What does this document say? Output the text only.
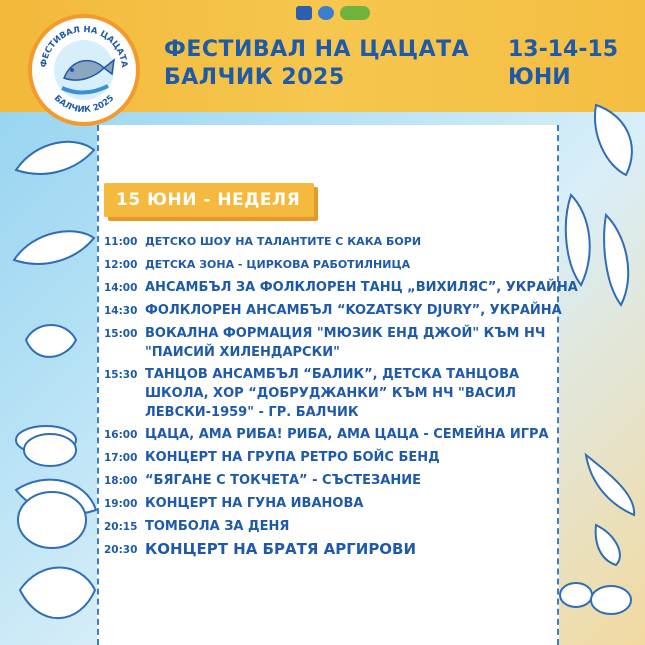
ФЕСТИВАЛ НА ЦАЦАТА
БАЛЧИК 2025
ФЕСТИВАЛ НА ЦАЦАТА
БАЛЧИК 2025
13-14-15
ЮНИ
15 ЮНИ - НЕДЕЛЯ
11:00 ДЕТСКО ШОУ НА ТАЛАНТИТЕ С КАКА БОРИ
12:00 ДЕТСКА ЗОНА - ЦИРКОВА РАБОТИЛНИЦА
14:00 АНСАМБЪЛ ЗА ФОЛКЛОРЕН ТАНЦ „ВИХИЛЯС”, УКРАЙНА
14:30 ФОЛКЛОРЕН АНСАМБЪЛ “KOZATSKY DJURY”, УКРАЙНА
15:00 ВОКАЛНА ФОРМАЦИЯ "МЮЗИК ЕНД ДЖОЙ" КЪМ НЧ "ПАИСИЙ ХИЛЕНДАРСКИ"
15:30 ТАНЦОВ АНСАМБЪЛ “БАЛИК”, ДЕТСКА ТАНЦОВА ШКОЛА, ХОР “ДОБРУДЖАНКИ” КЪМ НЧ "ВАСИЛ ЛЕВСКИ-1959" - ГР. БАЛЧИК
16:00 ЦАЦА, АМА РИБА! РИБА, АМА ЦАЦА - СЕМЕЙНА ИГРА
17:00 КОНЦЕРТ НА ГРУПА РЕТРО БОЙС БЕНД
18:00 “БЯГАНЕ С ТОКЧЕТА” - СЪСТЕЗАНИЕ
19:00 КОНЦЕРТ НА ГУНА ИВАНОВА
20:15 ТОМБОЛА ЗА ДЕНЯ
20:30 КОНЦЕРТ НА БРАТЯ АРГИРОВИ
